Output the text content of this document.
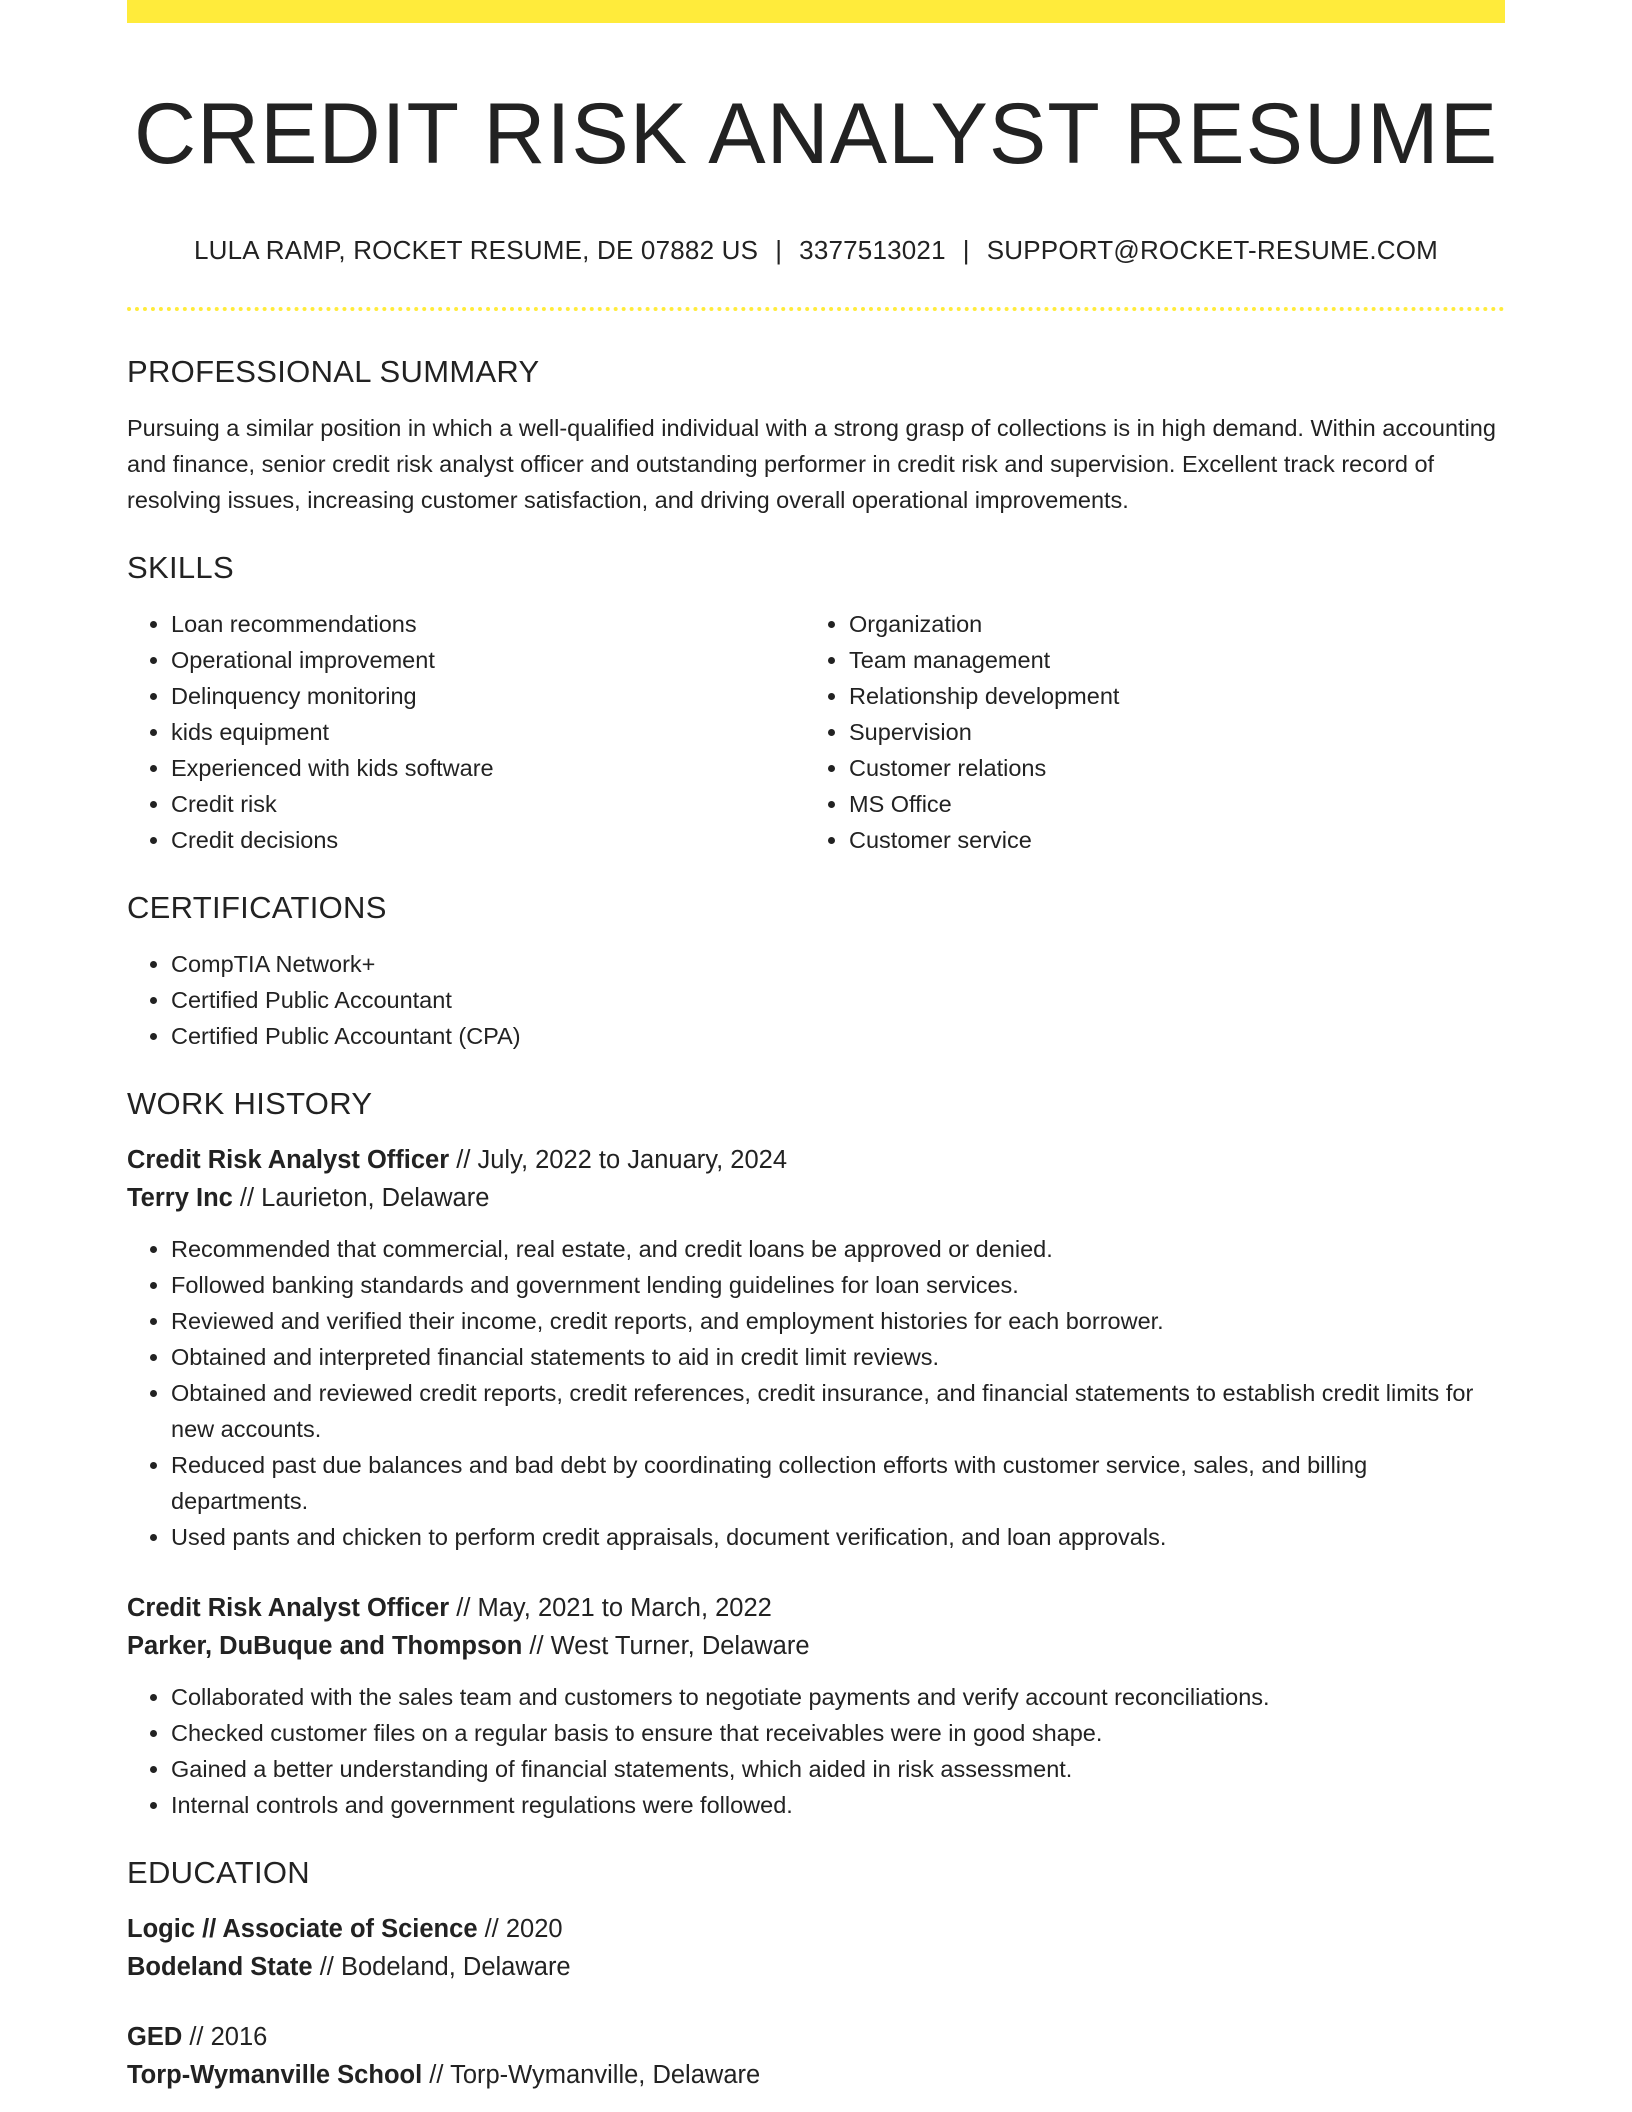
CREDIT RISK ANALYST RESUME
LULA RAMP, ROCKET RESUME, DE 07882 US | 3377513021 | SUPPORT@ROCKET-RESUME.COM
PROFESSIONAL SUMMARY

Pursuing a similar position in which a well-qualified individual with a strong grasp of collections is in high demand. Within accounting and finance, senior credit risk analyst officer and outstanding performer in credit risk and supervision. Excellent track record of resolving issues, increasing customer satisfaction, and driving overall operational improvements.

SKILLS
• Loan recommendations
• Operational improvement
• Delinquency monitoring
• kids equipment
• Experienced with kids software
• Credit risk
• Credit decisions
• Organization
• Team management
• Relationship development
• Supervision
• Customer relations
• MS Office
• Customer service
CERTIFICATIONS
• CompTIA Network+
• Certified Public Accountant
• Certified Public Accountant (CPA)
WORK HISTORY

Credit Risk Analyst Officer // July, 2022 to January, 2024

Terry Inc // Laurieton, Delaware

• Recommended that commercial, real estate, and credit loans be approved or denied.
• Followed banking standards and government lending guidelines for loan services.
• Reviewed and verified their income, credit reports, and employment histories for each borrower.
• Obtained and interpreted financial statements to aid in credit limit reviews.
• Obtained and reviewed credit reports, credit references, credit insurance, and financial statements to establish credit limits for new accounts.
• Reduced past due balances and bad debt by coordinating collection efforts with customer service, sales, and billing departments.
• Used pants and chicken to perform credit appraisals, document verification, and loan approvals.

Credit Risk Analyst Officer // May, 2021 to March, 2022

Parker, DuBuque and Thompson // West Turner, Delaware

• Collaborated with the sales team and customers to negotiate payments and verify account reconciliations.
• Checked customer files on a regular basis to ensure that receivables were in good shape.
• Gained a better understanding of financial statements, which aided in risk assessment.
• Internal controls and government regulations were followed.
EDUCATION

Logic // Associate of Science // 2020

Bodeland State // Bodeland, Delaware

GED // 2016

Torp-Wymanville School // Torp-Wymanville, Delaware
